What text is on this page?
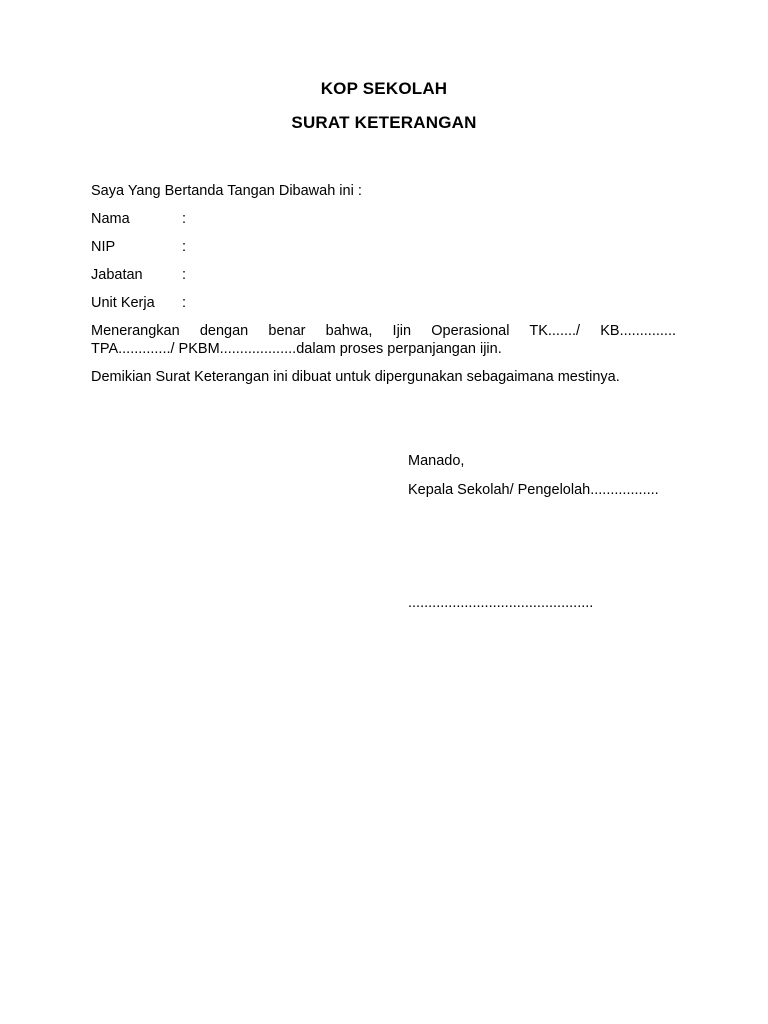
KOP SEKOLAH
SURAT KETERANGAN
Saya Yang Bertanda Tangan Dibawah ini :
Nama	:
NIP	:
Jabatan	:
Unit Kerja :
Menerangkan dengan benar bahwa, Ijin Operasional TK......./ KB..............
TPA............./ PKBM...................dalam proses perpanjangan ijin.
Demikian Surat Keterangan ini dibuat untuk dipergunakan sebagaimana mestinya.
Manado,
Kepala Sekolah/ Pengelolah.................
..............................................
